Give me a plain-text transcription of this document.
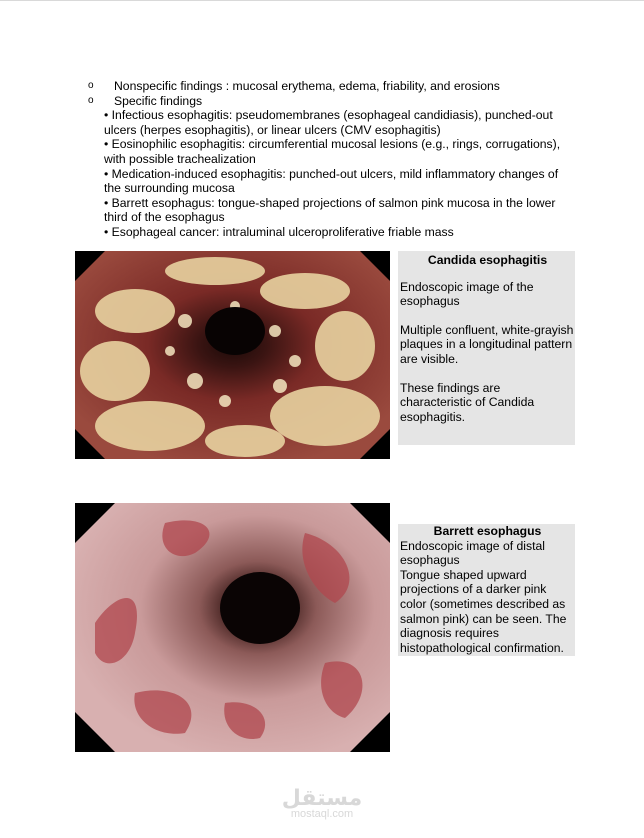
o Nonspecific findings : mucosal erythema, edema, friability, and erosions
o Specific findings

• Infectious esophagitis: pseudomembranes (esophageal candidiasis), punched-out ulcers (herpes esophagitis), or linear ulcers (CMV esophagitis)

• Eosinophilic esophagitis: circumferential mucosal lesions (e.g., rings, corrugations), with possible trachealization

• Medication-induced esophagitis: punched-out ulcers, mild inflammatory changes of the surrounding mucosa

• Barrett esophagus: tongue-shaped projections of salmon pink mucosa in the lower third of the esophagus

• Esophageal cancer: intraluminal ulceroproliferative friable mass

Candida esophagitis

Endoscopic image of the esophagus

Multiple confluent, white-grayish plaques in a longitudinal pattern are visible.

These findings are characteristic of Candida esophagitis.

Barrett esophagus

Endoscopic image of distal esophagus

Tongue shaped upward projections of a darker pink color (sometimes described as salmon pink) can be seen. The diagnosis requires histopathological confirmation.

مستقل
mostaql.com
